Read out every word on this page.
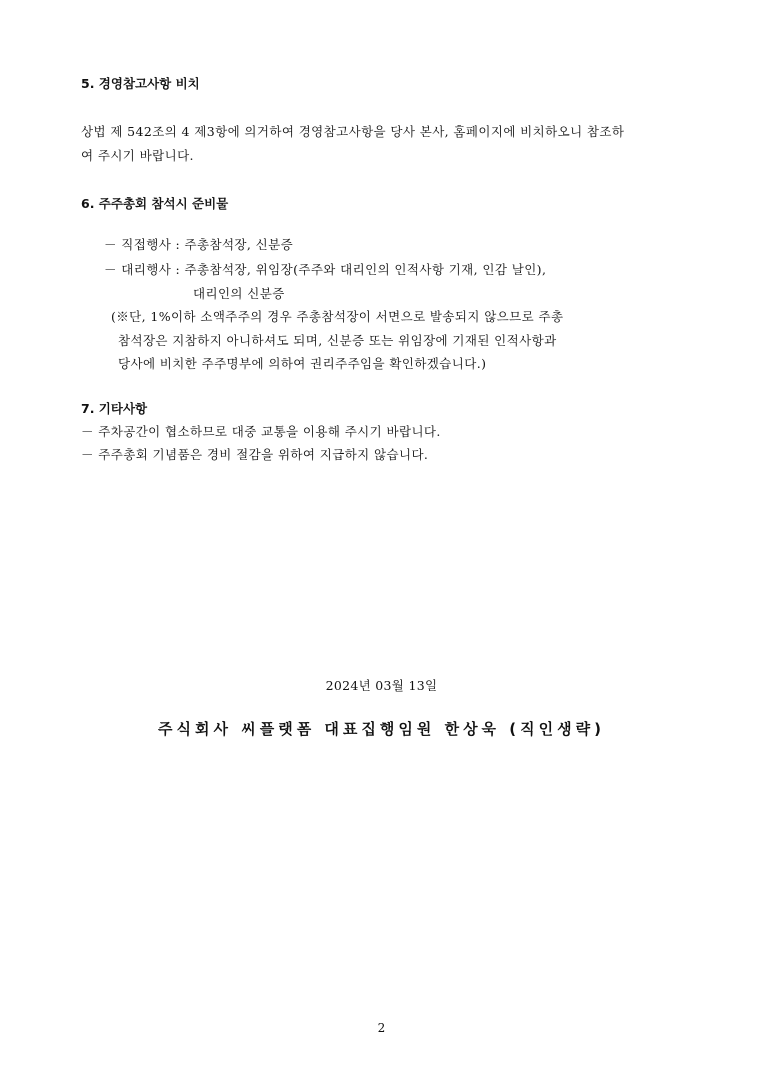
5. 경영참고사항 비치
상법 제 542조의 4 제3항에 의거하여 경영참고사항을 당사 본사, 홈페이지에 비치하오니 참조하
여 주시기 바랍니다.
6. 주주총회 참석시 준비물
－ 직접행사 : 주총참석장, 신분증
－ 대리행사 : 주총참석장, 위임장(주주와 대리인의 인적사항 기재, 인감 날인),
대리인의 신분증
(※단, 1%이하 소액주주의 경우 주총참석장이 서면으로 발송되지 않으므로 주총
참석장은 지참하지 아니하셔도 되며, 신분증 또는 위임장에 기재된 인적사항과
당사에 비치한 주주명부에 의하여 권리주주임을 확인하겠습니다.)
7. 기타사항
－ 주차공간이 협소하므로 대중 교통을 이용해 주시기 바랍니다.
－ 주주총회 기념품은 경비 절감을 위하여 지급하지 않습니다.
2024년 03월 13일
주식회사 씨플랫폼 대표집행임원 한상욱 (직인생략)
2
